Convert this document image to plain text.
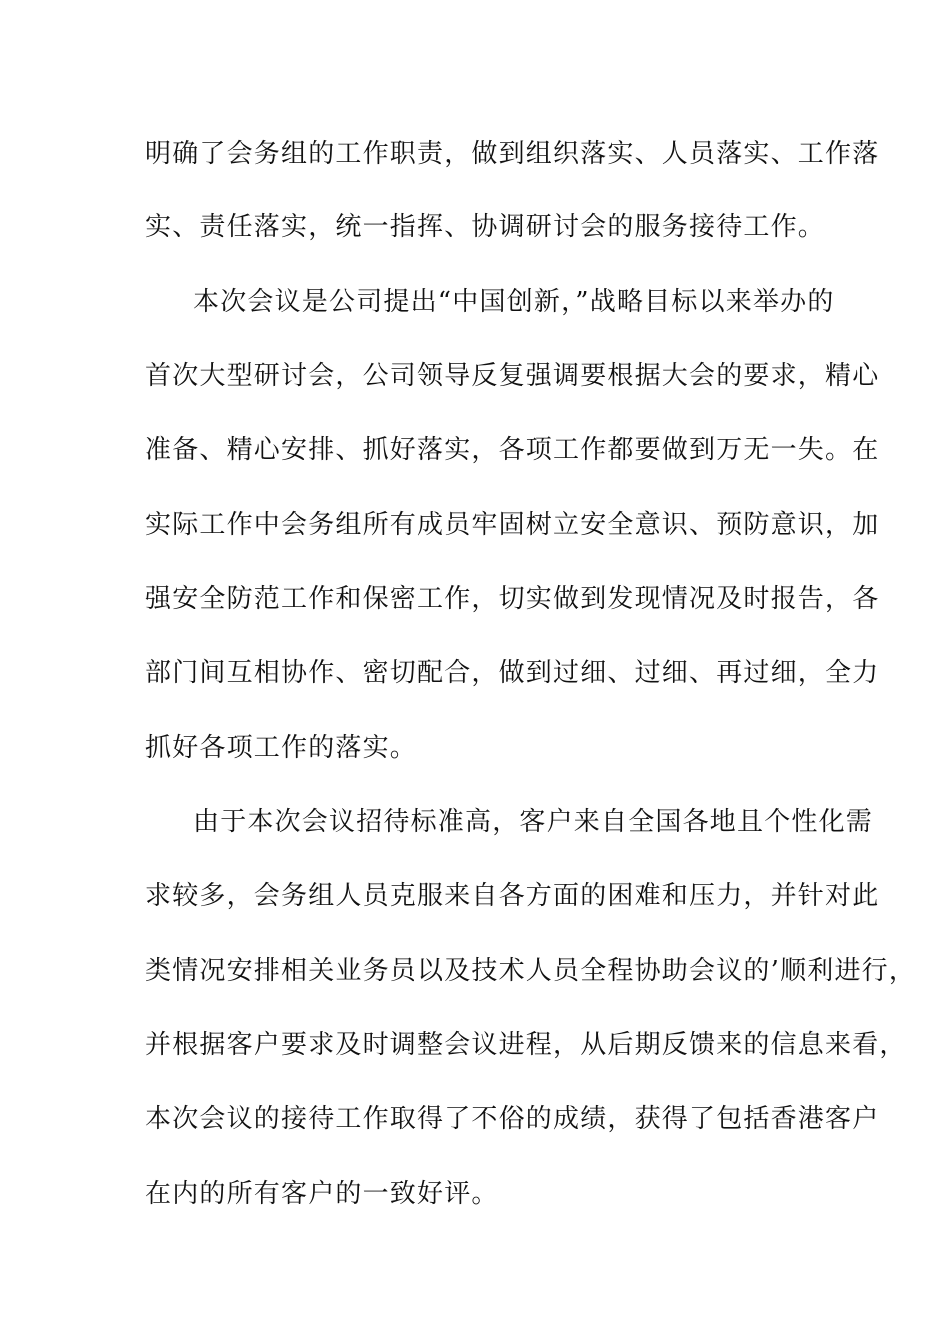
明确了会务组的工作职责，做到组织落实、人员落实、工作落
实、责任落实，统一指挥、协调研讨会的服务接待工作。
本次会议是公司提出“中国创新，”战略目标以来举办的
首次大型研讨会，公司领导反复强调要根据大会的要求，精心
准备、精心安排、抓好落实，各项工作都要做到万无一失。在
实际工作中会务组所有成员牢固树立安全意识、预防意识，加
强安全防范工作和保密工作，切实做到发现情况及时报告，各
部门间互相协作、密切配合，做到过细、过细、再过细，全力
抓好各项工作的落实。
由于本次会议招待标准高，客户来自全国各地且个性化需
求较多，会务组人员克服来自各方面的困难和压力，并针对此
类情况安排相关业务员以及技术人员全程协助会议的’顺利进行，
并根据客户要求及时调整会议进程，从后期反馈来的信息来看，
本次会议的接待工作取得了不俗的成绩，获得了包括香港客户
在内的所有客户的一致好评。
